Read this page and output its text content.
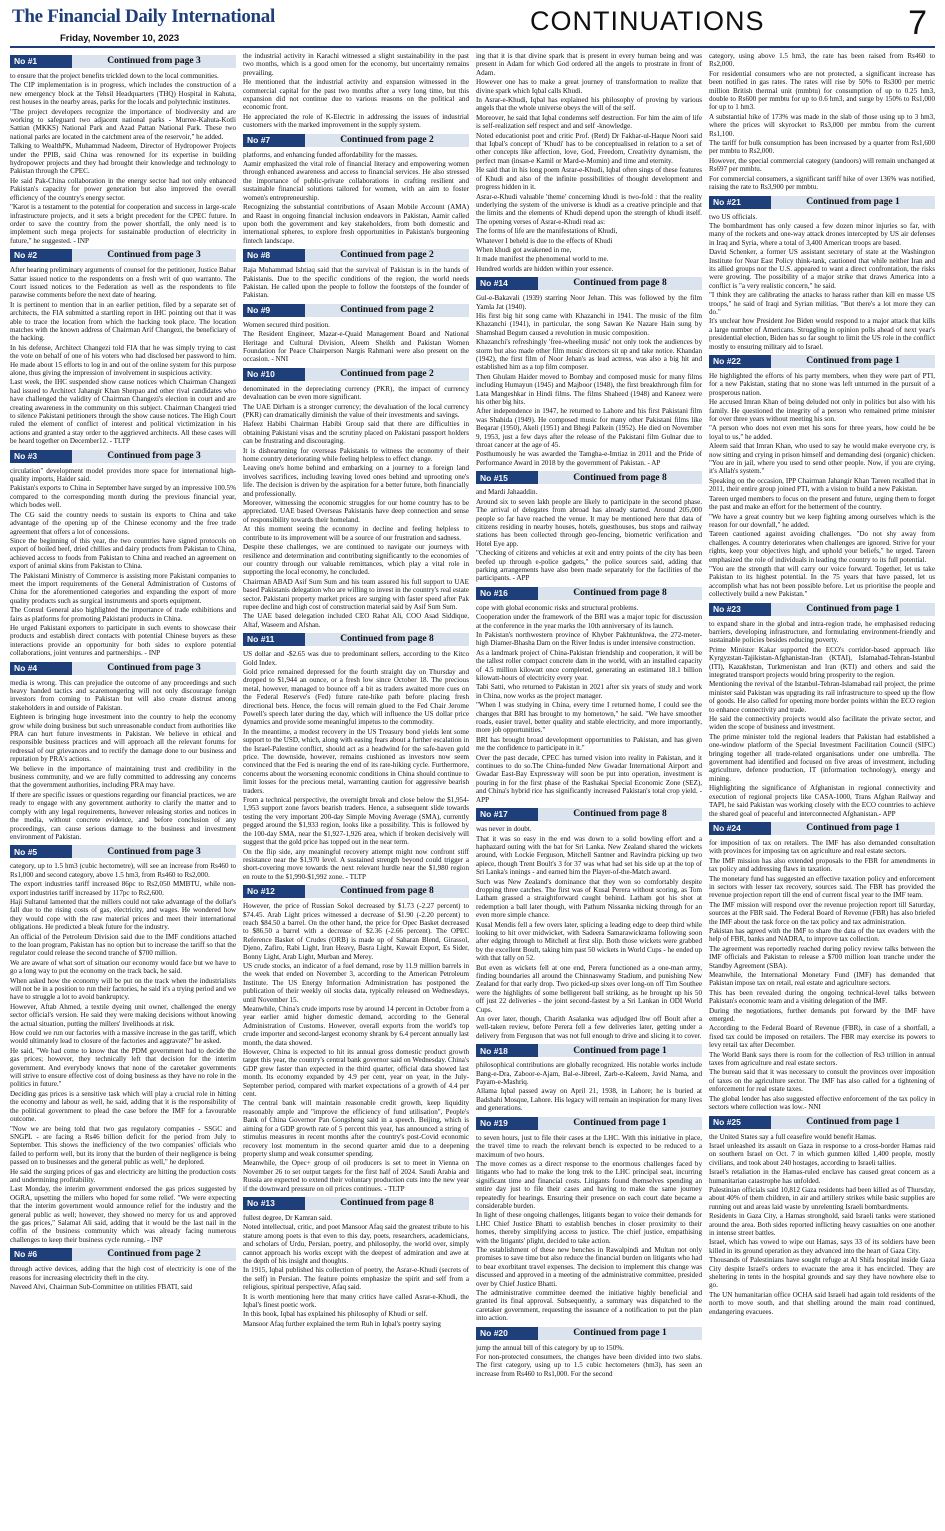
The Financial Daily International
Friday, November 10, 2023
CONTINUATIONS	7
No #1	Continued from page 3

to ensure that the project benefits trickled down to the local communities.

The CIP implementation is in progress, which includes the construction of a new emergency block at the Tehsil Headquarters (THQ) Hospital in Kahuta, rest houses in the nearby areas, parks for the locals and polytechnic institutes.

"The project developers recognize the importance of biodiversity and are working to safeguard two adjacent national parks - Murree-Kahuta-Kotli Sattian (MKKS) National Park and Azad Pattan National Park. These two national parks are located in the catchment area of the reservoir," he added.

Talking to WealthPK, Muhammad Nadeem, Director of Hydropower Projects under the PPIB, said China was renowned for its expertise in building hydropower projects and they had brought their knowledge and technology to Pakistan through the CPEC.

He said Pak-China collaboration in the energy sector had not only enhanced Pakistan's capacity for power generation but also improved the overall efficiency of the country's energy sector.

"Karot is a testament to the potential for cooperation and success in large-scale infrastructure projects, and it sets a bright precedent for the CPEC future. In order to save the country from the power shortfall, the only need is to implement such mega projects for sustainable production of electricity in future," he suggested. - INP

No #2	Continued from page 3

After hearing preliminary arguments of counsel for the petitioner, Justice Babar Sattar issued notice to the respondents on a fresh writ of quo warranto. The Court issued notices to the Federation as well as the respondents to file parawise comments before the next date of hearing.

It is pertinent to mention that in an earlier petition, filed by a separate set of architects, the FIA submitted a startling report in IHC pointing out that it was able to trace the location from which the hacking took place. The location matches with the known address of Chairman Arif Changezi, the beneficiary of the hacking.

In his defense, Architect Changezi told FIA that he was simply trying to cast the vote on behalf of one of his voters who had disclosed her password to him. He made about 15 efforts to log in and out of the online system for this purpose alone, thus giving the impression of involvement in suspicious activity.

Last week, the IHC suspended show cause notices which Chairman Changezi had issued to Architect Jahangir Khan Sherpao and other rival candidates who have challenged the validity of Chairman Changezi's election in court and are creating awareness in the community on this subject. Chairman Changezi tried to silence Pakistani petitioners through the show cause notices. The High Court ruled the element of conflict of interest and political victimization in his actions and granted a stay order to the aggrieved architects. All these cases will be heard together on December12. - TLTP

No #3	Continued from page 3

circulation" development model provides more space for international high-quality imports, Haider said.

Pakistan's exports to China in September have surged by an impressive 100.5% compared to the corresponding month during the previous financial year, which bodes well.

The CG said the country needs to sustain its exports to China and take advantage of the opening up of the Chinese economy and the free trade agreement that offers a lot of concessions.

Since the beginning of this year, the two countries have signed protocols on export of boiled beef, dried chillies and dairy products from Pakistan to China, achieved access to foods from Pakistan to China and reached an agreement on export of animal skins from Pakistan to China.

The Pakistani Ministry of Commerce is assisting more Pakistani companies to meet the import requirements of the General Administration of Customs of China for the aforementioned categories and expanding the export of more quality products such as surgical instruments and sports equipment.

The Consul General also highlighted the importance of trade exhibitions and fairs as platforms for promoting Pakistani products in China.

He urged Pakistani exporters to participate in such events to showcase their products and establish direct contacts with potential Chinese buyers as these interactions provide an opportunity for both sides to explore potential collaborations, joint ventures and partnerships. - INP

No #4	Continued from page 3

media is wrong. This can prejudice the outcome of any proceedings and such heavy handed tactics and scaremongering will not only discourage foreign investors from coming to Pakistan but will also create distrust among stakeholders in and outside of Pakistan.

Eighteen is bringing huge investment into the country to help the economy grow while doing business but such unreasonable conduct from authorities like PRA can hurt future investments in Pakistan. We believe in ethical and responsible business practices and will approach all the relevant forums for redressal of our grievances and to rectify the damage done to our business and reputation by PRA's actions.

We believe in the importance of maintaining trust and credibility in the business community, and we are fully committed to addressing any concerns that the government authorities, including PRA may have.

If there are specific issues or questions regarding our financial practices, we are ready to engage with any government authority to clarify the matter and to comply with any legal requirements, however releasing stories and notices in the media, without concrete evidence, and before conclusion of any proceedings, can cause serious damage to the business and investment environment of Pakistan.

No #5	Continued from page 3

category, up to 1.5 hm3 (cubic hectometre), will see an increase from Rs460 to Rs1,000 and second category, above 1.5 hm3, from Rs460 to Rs2,000.

The export industries tariff increased 86pc to Rs2,050 MMBTU, while non-export industries tariff increased by 117pc to Rs2,600.

Haji Sultanul lamented that the millers could not take advantage of the dollar's fall due to the rising costs of gas, electricity, and wages. He wondered how they would cope with the raw material prices and meet their international obligations. He predicted a bleak future for the industry.

An official of the Petroleum Division said due to the IMF conditions attached to the loan program, Pakistan has no option but to increase the tariff so that the regulator could release the second tranche of $700 million.

We are aware of what sort of situation our economy would face but we have to go a long way to put the economy on the track back, he said.

When asked how the economy will be put on the track when the industrialists will not be in a position to run their factories, he said it's a trying period and we have to struggle a lot to avoid bankruptcy.

However, Aftab Ahmed, a textile dyeing unit owner, challenged the energy sector official's version. He said they were making decisions without knowing the actual situation, putting the millers' livelihoods at risk.

How could we run our factories with a massive increase in the gas tariff, which would ultimately lead to closure of the factories and aggravate?" he asked.

He said, "We had come to know that the PDM government had to decide the gas prices; however, they technically left that decision for the interim government. And everybody knows that none of the caretaker governments will strive to ensure effective cost of doing business as they have no role in the politics in future."

Deciding gas prices is a sensitive task which will play a crucial role in hitting the economy and labour as well, he said, adding that it is the responsibility of the political government to plead the case before the IMF for a favourable outcome.

"Now we are being told that two gas regulatory companies - SSGC and SNGPL - are facing a Rs46 billion deficit for the period from July to September. This shows the inefficiency of the two companies' officials who failed to perform well, but its irony that the burden of their negligence is being passed on to businesses and the general public as well," he deplored.

He said the surging prices of gas and electricity are hitting the production costs and undermining profitability.

Last Monday, the interim government endorsed the gas prices suggested by OGRA, upsetting the millers who hoped for some relief. "We were expecting that the interim government would announce relief for the industry and the general public as well; however, they showed no mercy for us and approved the gas prices," Salamat Ali said, adding that it would be the last nail in the coffin of the business community which was already facing numerous challenges to keep their business cycle running. - INP

No #6	Continued from page 2

through active devices, adding that the high cost of electricity is one of the reasons for increasing electricity theft in the city.

Naveed Alvi, Chairman Sub-Committee on utilities FBATI, said

the industrial activity in Karachi witnessed a slight sustainability in the past two months, which is a good omen for the economy, but uncertainty remains prevailing.

He mentioned that the industrial activity and expansion witnessed in the commercial capital for the past two months after a very long time, but this expansion did not continue due to various reasons on the political and economic front.

He appreciated the role of K-Electric in addressing the issues of industrial customers with the marked improvement in the supply system.

No #7	Continued from page 2

platforms, and enhancing funded affordability for the masses.

Aamir emphasized the vital role of financial literacy and empowering women through enhanced awareness and access to financial services. He also stressed the importance of public-private collaborations in crafting resilient and sustainable financial solutions tailored for women, with an aim to foster women's entrepreneurship.

Recognizing the substantial contributions of Asaan Mobile Account (AMA) and Raast in ongoing financial inclusion endeavors in Pakistan, Aamir called upon both the government and key stakeholders, from both domestic and international spheres, to explore fresh opportunities in Pakistan's burgeoning fintech landscape.

No #8	Continued from page 2

Raja Muhammad Ishtiaq said that the survival of Pakistan is in the hands of Pakistanis. Due to the specific conditions of the region, the world needs Pakistan. He called upon the people to follow the footsteps of the founder of Pakistan.

No #9	Continued from page 2

Women secured third position.

The Resident Engineer, Mazar-e-Quaid Management Board and National Heritage and Cultural Division, Aleem Sheikh and Pakistan Women Foundation for Peace Chairperson Nargis Rahmani were also present on the occasion. - NNI

No #10	Continued from page 2

denominated in the depreciating currency (PKR), the impact of currency devaluation can be even more significant.

The UAE Dirham is a stronger currency; the devaluation of the local currency (PKR) can dramatically diminish the value of their investments and savings.

Hafeez Habibi Chairman Habibi Group said that there are difficulties in obtaining Pakistani visas and the scrutiny placed on Pakistani passport holders can be frustrating and discouraging.

It is disheartening for overseas Pakistanis to witness the economy of their home country deteriorating while feeling helpless to effect change.

Leaving one's home behind and embarking on a journey to a foreign land involves sacrifices, including leaving loved ones behind and uprooting one's life. The decision is driven by the aspiration for a better future, both financially and professionally.

Moreover, witnessing the economic struggles for our home country has to be appreciated. UAE based Overseas Pakistanis have deep connection and sense of responsibility towards their homeland.

At this moment seeing the economy in decline and feeling helpless to contribute to its improvement will be a source of our frustration and sadness.

Despite these challenges, we are continued to navigate our journeys with resilience and determination and contributing significantly to the economies of our country through our valuable remittances, which play a vital role in supporting the local economy, he concluded.

Chairman ABAD Asif Sum Sum and his team assured his full support to UAE based Pakistanis delegation who are willing to invest in the country's real estate sector. Pakistani property market prices are surging with faster speed after Pak rupee decline and high cost of construction material said by Asif Sum Sum.

The UAE based delegation included CEO Rahat Ali, COO Asad Siddique, Altaf, Waseem and Afshan.

No #11	Continued from page 8

US dollar and -$2.65 was due to predominant sellers, according to the Kitco Gold Index.

Gold price remained depressed for the fourth straight day on Thursday and dropped to $1,944 an ounce, or a fresh low since October 18. The precious metal, however, managed to bounce off a bit as traders awaited more cues on the Federal Reserve's (Fed) future rate-hike path before placing fresh directional bets. Hence, the focus will remain glued to the Fed Chair Jerome Powell's speech later during the day, which will influence the US dollar price dynamics and provide some meaningful impetus to the commodity.

In the meantime, a modest recovery in the US Treasury bond yields lent some support to the USD, which, along with easing fears about a further escalation in the Israel-Palestine conflict, should act as a headwind for the safe-haven gold price. The downside, however, remains cushioned as investors now seem convinced that the Fed is nearing the end of its rate-hiking cycle. Furthermore, concerns about the worsening economic conditions in China should continue to limit losses for the precious metal, warranting caution for aggressive bearish traders.

From a technical perspective, the overnight break and close below the $1,954-1,953 support zone favors bearish traders. Hence, a subsequent slide towards testing the very important 200-day Simple Moving Average (SMA), currently pegged around the $1,933 region, looks like a possibility. This is followed by the 100-day SMA, near the $1,927-1,926 area, which if broken decisively will suggest that the gold price has topped out in the near term.

On the flip side, any meaningful recovery attempt might now confront stiff resistance near the $1,970 level. A sustained strength beyond could trigger a short-covering move towards the next relevant hurdle near the $1,980 region en route to the $1,990-$1,992 zone. - TLTP

No #12	Continued from page 8

However, the price of Russian Sokol decreased by $1.73 (-2.27 percent) to $74.45. Arab Light prices witnessed a decrease of $1.90 (-2.20 percent) to reach $84.50 a barrel. On the other hand, the price for Opec Basket decreased to $86.50 a barrel with a decrease of $2.36 (-2.66 percent). The OPEC Reference Basket of Crudes (ORB) is made up of Saharan Blend, Girassol, Djeno, Zafiro, Rabi Light, Iran Heavy, Basra Light, Kuwait Export, Es Sider, Bonny Light, Arab Light, Murban and Merey.

US crude stocks, an indicator of a fuel demand, rose by 11.9 million barrels in the week that ended on November 3, according to the American Petroleum Institute. The US Energy Information Administration has postponed the publication of their weekly oil stocks data, typically released on Wednesdays, until November 15.

Meanwhile, China's crude imports rose by around 14 percent in October from a year earlier amid higher domestic demand, according to the General Administration of Customs. However, overall exports from the world's top crude importer and second-largest economy shrank by 6.4 percent annually last month, the data showed.

However, China is expected to hit its annual gross domestic product growth target this year, the country's central bank governor said on Wednesday. China's GDP grew faster than expected in the third quarter, official data showed last month. Its economy expanded by 4.9 per cent, year on year, in the July-September period, compared with market expectations of a growth of 4.4 per cent.

The central bank will maintain reasonable credit growth, keep liquidity reasonably ample and "improve the efficiency of fund utilisation", People's Bank of China Governor Pan Gongsheng said in a speech. Beijing, which is aiming for a GDP growth rate of 5 percent this year, has announced a string of stimulus measures in recent months after the country's post-Covid economic recovery lost momentum in the second quarter amid due to a deepening property slump and weak consumer spending.

Meanwhile, the Opec+ group of oil producers is set to meet in Vienna on November 26 to set output targets for the first half of 2024. Saudi Arabia and Russia are expected to extend their voluntary production cuts into the new year if the downward pressure on oil prices continues. - TLTP

No #13	Continued from page 8

fullest degree, Dr Kamran said.

Noted intellectual, critic, and poet Mansoor Afaq said the greatest tribute to his stature among poets is that even to this day, poets, researchers, academicians, and scholars of Urdu, Persian, poetry, and philosophy, the world over, simply cannot approach his works except with the deepest of admiration and awe at the depth of his insight and thoughts.

In 1915, Iqbal published his collection of poetry, the Asrar-e-Khudi (secrets of the self) in Persian. The feature points emphasize the spirit and self from a religious, spiritual perspective, Afaq said.

It is worth mentioning here that many critics have called Asrar-e-Khudi, the Iqbal's finest poetic work.

In this book, Iqbal has explained his philosophy of Khudi or self.

Mansoor Afaq further explained the term Ruh in Iqbal's poetry saying

ing that it is that divine spark that is present in every human being and was present in Adam for which God ordered all the angels to prostrate in front of Adam.

However one has to make a great journey of transformation to realize that divine spark which Iqbal calls Khudi.

In Asrar-e-Khudi, Iqbal has explained his philosophy of proving by various angels that the whole universe obeys the will of the self.

Moreover, he said that Iqbal condemns self destruction. For him the aim of life is self-realization self respect and and self -knowledge.

Noted educationist poet and critic Prof. (Retd) Dr Fakhar-ul-Haque Noori said that Iqbal's concept of 'Khudi' has to be conceptualised in relation to a set of other concepts like affection, love, God, Freedom, Creativity dynamism, the perfect man (insan-e Kamil or Mard-e-Momin) and time and eternity.

He said that in his long poem Asrar-e-Khudi, Iqbal often sings of these features of Khudi and also of the infinite possibilities of thought development and progress hidden in it.

Asrar-e-Khudi valuable 'theme' concerning khudi is two-fold : that the reality underlying the system of the universe is khudi as a creative principle and that the limits and the elements of Khudi depend upon the strength of khudi itself. The opening verses of Asrar-e-Khudi read as:

The forms of life are the manifestations of Khudi,

Whatever I beheld is due to the effects of Khudi

When khudi got awakened in me,

It made manifest the phenomenal world to me.

Hundred worlds are hidden within your essence.

No #14	Continued from page 8

Gul-e-Bakavali (1939) starring Noor Jehan. This was followed by the film Yamla Jat (1940).

His first big hit song came with Khazanchi in 1941. The music of the film Khazanchi (1941), in particular, the song Sawan Ke Nazare Hain sung by Shamshad Begum caused a revolution in music composition.

Khazanchi's refreshingly 'free-wheeling music' not only took the audiences by storm but also made other film music directors sit up and take notice. Khandan (1942), the first film of Noor Jehan's as lead actress, was also a big hit and established him as a top film composer.

Then Ghulam Haider moved to Bombay and composed music for many films including Humayun (1945) and Majboor (1948), the first breakthrough film for Lata Mangeshkar in Hindi films. The films Shaheed (1948) and Kaneez were his other big hits.

After independence in 1947, he returned to Lahore and his first Pakistani film was Shahida (1949). He composed music for many other Pakistani films like Beqarar (1950), Akeli (1951) and Bhegi Palkein (1952). He died on November 9, 1953, just a few days after the release of the Pakistani film Gulnar due to throat cancer at the age of 45.

Posthumously he was awarded the Tamgha-e-Imtiaz in 2011 and the Pride of Performance Award in 2018 by the government of Pakistan. - AP

No #15	Continued from page 8

and Mardi Jahaaddin.

Around six to seven lakh people are likely to participate in the second phase. The arrival of delegates from abroad has already started. Around 205,000 people so far have reached the venue. It may be mentioned here that data of citizens residing in nearby houses, hotels, guesthouses, bus stops and railway stations has been collected through geo-fencing, biometric verification and Hotel Eye app.

"Checking of citizens and vehicles at exit and entry points of the city has been beefed up through e-police gadgets," the police sources said, adding that parking arrangements have also been made separately for the facilities of the participants. - APP

No #16	Continued from page 8

cope with global economic risks and structural problems.

Cooperation under the framework of the BRI was a major topic for discussion at the conference in the year marks the 10th anniversary of its launch.

In Pakistan's northwestern province of Khyber Pakhtunkhwa, the 272-meter-high Diamer-Bhasha Dam on the River Indus is under intensive construction.

As a landmark project of China-Pakistan friendship and cooperation, it will be the tallest roller compact concrete dam in the world, with an installed capacity of 4.5 million kilowatt once completed, generating an estimated 18.1 billion kilowatt-hours of electricity every year.

Tabi Satti, who returned to Pakistan in 2021 after six years of study and work in China, now works as the project manager.

"When I was studying in China, every time I returned home, I could see the changes that BRI has brought to my hometown," he said. "We have smoother roads, easier travel, better quality and stable electricity, and more importantly, more job opportunities."

BRI has brought broad development opportunities to Pakistan, and has given me the confidence to participate in it."

Over the past decade, CPEC has turned vision into reality in Pakistan, and it continues to do so.The China-funded New Gwadar International Airport and Gwadar East-Bay Expressway will soon be put into operation, investment is pouring in for the first phase of the Rashakai Special Economic Zone (SEZ), and China's hybrid rice has significantly increased Pakistan's total crop yield. - APP

No #17	Continued from page 8

was never in doubt.

That it was so easy in the end was down to a solid bowling effort and a haphazard outing with the bat for Sri Lanka. New Zealand shared the wickets around, with Lockie Ferguson, Mitchell Santner and Ravindra picking up two apiece, though Trent Boult's 3 for 37 was what had set his side up at the top of Sri Lanka's innings - and earned him the Player-of-the-Match award.

Such was New Zealand's dominance that they won so comfortably despite dropping three catches. The first was of Kusal Perera without scoring, as Tom Latham grassed a straightforward caught behind. Latham got his shot at redemption a ball later though, with Pathum Nissanka nicking through for an even more simple chance.

Kusal Mendis fell a few overs later, splicing a leading edge to deep third while looking to hit over midwicket, with Sadeera Samarawickrama following soon after edging through to Mitchell at first slip. Both those wickets were grabbed by the excellent Boult, taking him past 50 wickets in World Cups - he ended up with that tally on 52.

But even as wickets fell at one end, Perera functioned as a one-man army, finding boundaries all around the Chinnaswamy Stadium, and punishing New Zealand for that early drop. Two picked-up sixes over long-on off Tim Southee were the highlights of some belligerent ball striking, as he brought up his 50 off just 22 deliveries - the joint second-fastest by a Sri Lankan in ODI World Cups.

An over later, though, Charith Asalanka was adjudged lbw off Boult after a well-taken review, before Perera fell a few deliveries later, getting under a delivery from Ferguson that was not full enough to drive and slicing it to cover.

No #18	Continued from page 1

philosophical contributions are globally recognized. His notable works include Bang-e-Dra, Zaboor-e-Ajam, Bal-e-Jibreel, Zarb-e-Kaleem, Javid Nama, and Payam-e-Mashriq.

Allama Iqbal passed away on April 21, 1938, in Lahore; he is buried at Badshahi Mosque, Lahore. His legacy will remain an inspiration for many lives and generations.

No #19	Continued from page 1

to seven hours, just to file their cases at the LHC. With this initiative in place, the travel time to reach the relevant bench is expected to be reduced to a maximum of two hours.

The move comes as a direct response to the enormous challenges faced by litigants who had to make the long trek to the LHC principal seat, incurring significant time and financial costs. Litigants found themselves spending an entire day just to file their cases and having to make the same journey repeatedly for hearings. Ensuring their presence on each court date became a considerable burden.

In light of these ongoing challenges, litigants began to voice their demands for LHC Chief Justice Bhatti to establish benches in closer proximity to their homes, thereby simplifying access to justice. The chief justice, empathising with the litigants' plight, decided to take action.

The establishment of these new benches in Rawalpindi and Multan not only promises to save time but also reduce the financial burden on litigants who had to bear exorbitant travel expenses. The decision to implement this change was discussed and approved in a meeting of the administrative committee, presided over by Chief Justice Bhatti.

The administrative committee deemed the initiative highly beneficial and granted its final approval. Subsequently, a summary was dispatched to the caretaker government, requesting the issuance of a notification to put the plan into action.

No #20	Continued from page 1

jump the annual bill of this category by up to 150%.

For non-protected consumers, the changes have been divided into two slabs. The first category, using up to 1.5 cubic hectometers (hm3), has seen an increase from Rs460 to Rs1,000. For the second

category, using above 1.5 hm3, the rate has been raised from Rs460 to Rs2,000.

For residential consumers who are not protected, a significant increase has been notified in gas rates. The rates will rise by 50% to Rs300 per metric million British thermal unit (mmbtu) for consumption of up to 0.25 hm3, double to Rs600 per mmbtu for up to 0.6 hm3, and surge by 150% to Rs1,000 for up to 1 hm3.

A substantial hike of 173% was made in the slab of those using up to 3 hm3, where the prices will skyrocket to Rs3,000 per mmbtu from the current Rs1,100.

The tariff for bulk consumption has been increased by a quarter from Rs1,600 per mmbtu to Rs2,000.

However, the special commercial category (tandoors) will remain unchanged at Rs697 per mmbtu.

For commercial consumers, a significant tariff hike of over 136% was notified, raising the rate to Rs3,900 per mmbtu.

No #21	Continued from page 1

two US officials.

The bombardment has only caused a few dozen minor injuries so far, with many of the rockets and one-way attack drones intercepted by US air defenses in Iraq and Syria, where a total of 3,400 American troops are based.

David Schenker, a former US assistant secretary of state at the Washington Institute for Near East Policy think-tank, cautioned that while neither Iran and its allied groups nor the U.S. appeared to want a direct confrontation, the risks were growing. The possibility of a major strike that draws America into a conflict is "a very realistic concern," he said.

"I think they are calibrating the attacks to harass rather than kill en masse US troops," he said of Iraqi and Syrian militias. "But there's a lot more they can do."

It's unclear how President Joe Biden would respond to a major attack that kills a large number of Americans. Struggling in opinion polls ahead of next year's presidential election, Biden has so far sought to limit the US role in the conflict mostly to ensuring military aid to Israel.

No #22	Continued from page 1

He highlighted the efforts of his party members, when they were part of PTI, for a new Pakistan, stating that no stone was left unturned in the pursuit of a prosperous nation.

He accused Imran Khan of being deluded not only in politics but also with his family. He questioned the integrity of a person who remained prime minister for over three years without meeting his son.

"A person who does not even met his sons for three years, how could he be loyal to us," he added.

Aleem said that Imran Khan, who used to say he would make everyone cry, is now sitting and crying in prison himself and demanding desi (organic) chicken. "You are in jail, where you used to send other people. Now, if you are crying, it's Allah's system."

Speaking on the occasion, IPP Chairman Jahangir Khan Tareen recalled that in 2011, their entire group joined PTI, with a vision to build a new Pakistan.

Tareen urged members to focus on the present and future, urging them to forget the past and make an effort for the betterment of the country.

"We have a great country but we keep fighting among ourselves which is the reason for our downfall," he added.

Tareen cautioned against avoiding challenges. "Do not shy away from challenges. A country deteriorates when challenges are ignored. Strive for your rights, keep your objectives high, and uphold your beliefs," he urged. Tareen emphasized the role of individuals in leading the country to its full potential.

"You are the strength that will carry our voice forward. Together, let us take Pakistan to its highest potential. In the 75 years that have passed, let us accomplish what has not been possible before. Let us prioritise the people and collectively build a new Pakistan."

No #23	Continued from page 1

to expand share in the global and intra-region trade, he emphasised reducing barriers, developing infrastructure, and formulating environment-friendly and sustainable policies besides reducing poverty.

Prime Minister Kakar supported the ECO's corridor-based approach like Kyrgyzstan-Tajikistan-Afghanistan-Iran (KTAI), Islamabad-Tehran-Istanbul (ITI), Kazakhstan, Turkmenistan and Iran (KTI) and others and said the integrated transport projects would bring prosperity to the region.

Mentioning the revival of the Istanbul-Tehran-Islamabad rail project, the prime minister said Pakistan was upgrading its rail infrastructure to speed up the flow of goods. He also called for opening more border points within the ECO region to enhance connectivity and trade.

He said the connectivity projects would also facilitate the private sector, and widen the scope of business and investment.

The prime minister told the regional leaders that Pakistan had established a one-window platform of the Special Investment Facilitation Council (SIFC) bringing together all trade-related organisations under one umbrella. The government had identified and focused on five areas of investment, including agriculture, defence production, IT (information technology), energy and mining.

Highlighting the significance of Afghanistan in regional connectivity and execution of regional projects like CASA-1000, Trans Afghan Railway and TAPI, he said Pakistan was working closely with the ECO countries to achieve the shared goal of peaceful and interconnected Afghanistan.- APP

No #24	Continued from page 1

for imposition of tax on retailers. The IMF has also demanded consultation with provinces for imposing tax on agriculture and real estate sectors.

The IMF mission has also extended proposals to the FBR for amendments in tax policy and addressing flaws in taxation.

The monetary fund has suggested an effective taxation policy and enforcement in sectors with lesser tax recovery, sources said. The FBR has provided the revenue projection report till the end of current fiscal year to the IMF team.

The IMF mission will respond over the revenue projection report till Saturday, sources at the FBR said. The Federal Board of Revenue (FBR) has also briefed the IMF about the task force on the tax policy and tax administration.

Pakistan has agreed with the IMF to share the data of the tax evaders with the help of FBR, banks and NADRA, to improve tax collection.

The agreement was reportedly reached during policy review talks between the IMF officials and Pakistan to release a $700 million loan tranche under the Standby Agreement (SBA).

Meanwhile, the International Monetary Fund (IMF) has demanded that Pakistan impose tax on retail, real estate and agriculture sectors.

This has been revealed during the ongoing technical-level talks between Pakistan's economic team and a visiting delegation of the IMF.

During the negotiations, further demands put forward by the IMF have emerged.

According to the Federal Board of Revenue (FBR), in case of a shortfall, a fixed tax could be imposed on retailers. The FBR may exercise its powers to levy retail tax after December.

The World Bank says there is room for the collection of Rs3 trillion in annual taxes from agriculture and real estate sectors.

The bureau said that it was necessary to consult the provinces over imposition of taxes on the agriculture sector. The IMF has also called for a tightening of enforcement for real estate taxes.

The global lender has also suggested effective enforcement of the tax policy in sectors where collection was low.- NNI

No #25	Continued from page 1

the United States say a full ceasefire would benefit Hamas.

Israel unleashed its assault on Gaza in response to a cross-border Hamas raid on southern Israel on Oct. 7 in which gunmen killed 1,400 people, mostly civilians, and took about 240 hostages, according to Israeli tallies.

Israel's retaliation in the Hamas-ruled enclave has caused great concern as a humanitarian catastrophe has unfolded.

Palestinian officials said 10,812 Gaza residents had been killed as of Thursday, about 40% of them children, in air and artillery strikes while basic supplies are running out and areas laid waste by unrelenting Israeli bombardments.

Residents in Gaza City, a Hamas stronghold, said Israeli tanks were stationed around the area. Both sides reported inflicting heavy casualties on one another in intense street battles.

Israel, which has vowed to wipe out Hamas, says 33 of its soldiers have been killed in its ground operation as they advanced into the heart of Gaza City.

Thousands of Palestinians have sought refuge at Al Shifa hospital inside Gaza City despite Israel's orders to evacuate the area it has encircled. They are sheltering in tents in the hospital grounds and say they have nowhere else to go.

The UN humanitarian office OCHA said Israeli had again told residents of the north to move south, and that shelling around the main road continued, endangering evacuees.
